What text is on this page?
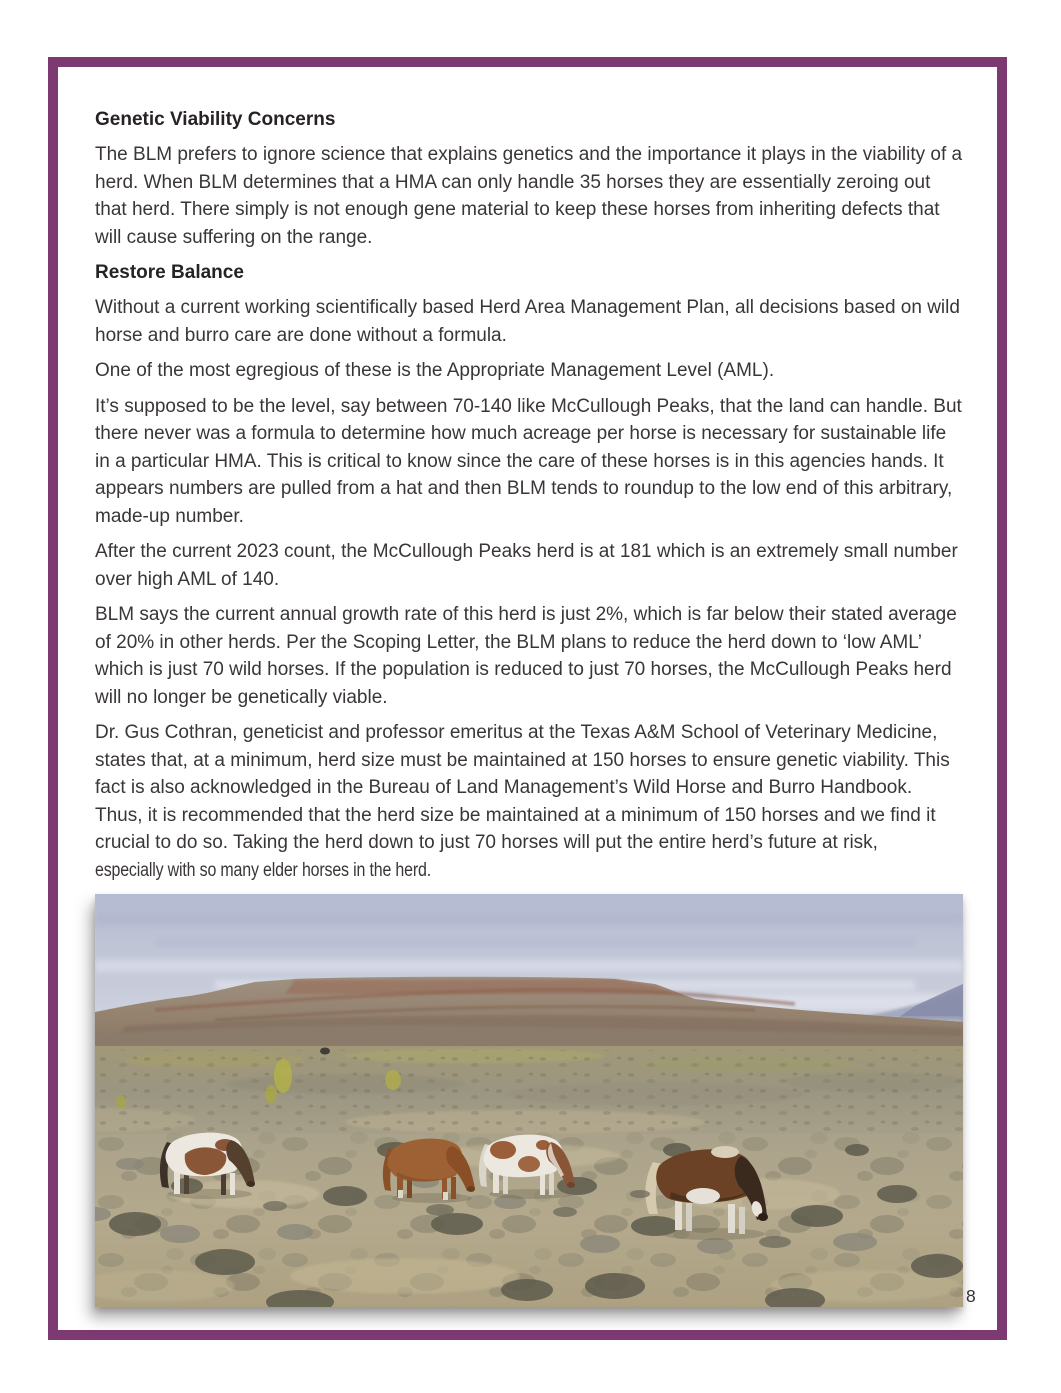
Genetic Viability Concerns

The BLM prefers to ignore science that explains genetics and the importance it plays in the viability of a herd. When BLM determines that a HMA can only handle 35 horses they are essentially zeroing out that herd. There simply is not enough gene material to keep these horses from inheriting defects that will cause suffering on the range.

Restore Balance

Without a current working scientifically based Herd Area Management Plan, all decisions based on wild horse and burro care are done without a formula.

One of the most egregious of these is the Appropriate Management Level (AML).

It’s supposed to be the level, say between 70-140 like McCullough Peaks, that the land can handle. But there never was a formula to determine how much acreage per horse is necessary for sustainable life in a particular HMA. This is critical to know since the care of these horses is in this agencies hands. It appears numbers are pulled from a hat and then BLM tends to roundup to the low end of this arbitrary, made-up number.

After the current 2023 count, the McCullough Peaks herd is at 181 which is an extremely small number over high AML of 140.

BLM says the current annual growth rate of this herd is just 2%, which is far below their stated average of 20% in other herds. Per the Scoping Letter, the BLM plans to reduce the herd down to ‘low AML’ which is just 70 wild horses. If the population is reduced to just 70 horses, the McCullough Peaks herd will no longer be genetically viable.

Dr. Gus Cothran, geneticist and professor emeritus at the Texas A&M School of Veterinary Medicine, states that, at a minimum, herd size must be maintained at 150 horses to ensure genetic viability. This fact is also acknowledged in the Bureau of Land Management’s Wild Horse and Burro Handbook. Thus, it is recommended that the herd size be maintained at a minimum of 150 horses and we find it crucial to do so. Taking the herd down to just 70 horses will put the entire herd’s future at risk, especially with so many elder horses in the herd.

8
